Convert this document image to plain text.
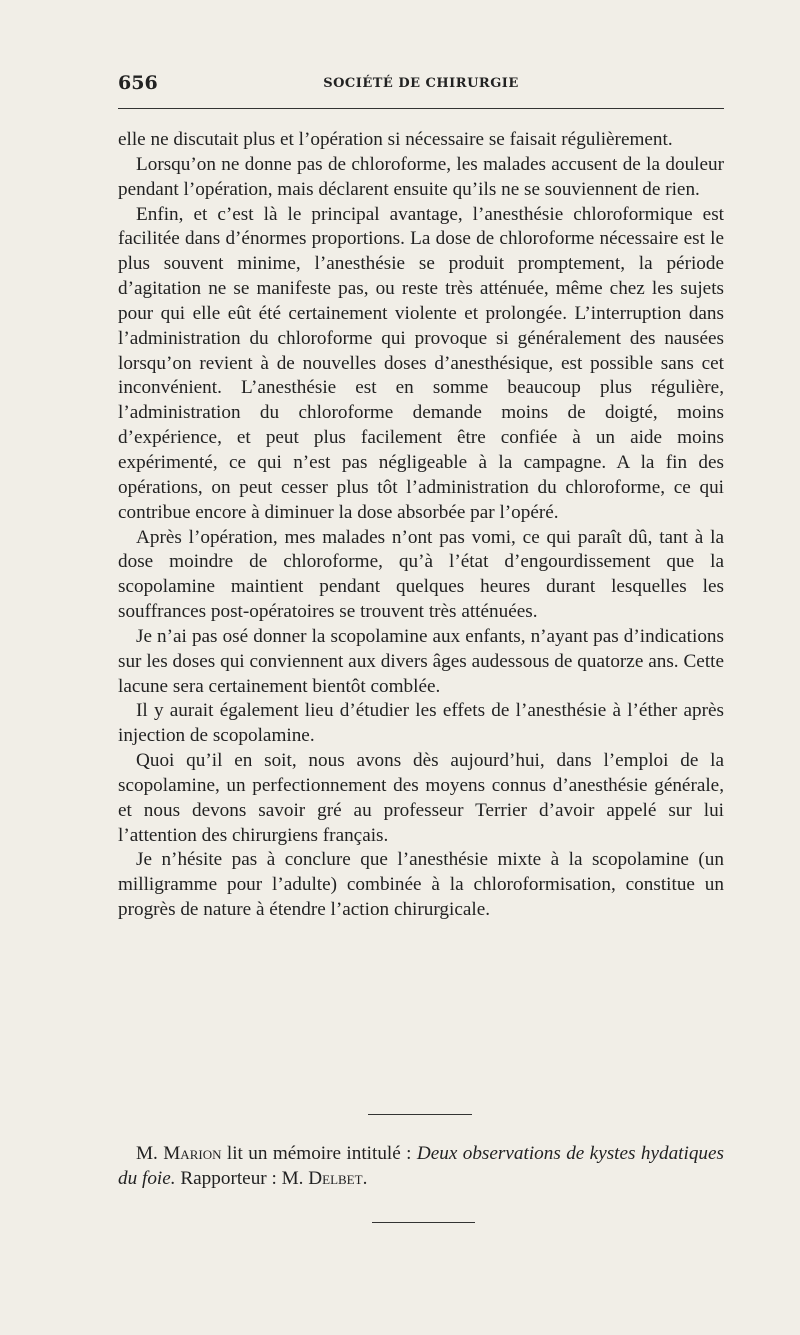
656	SOCIÉTÉ DE CHIRURGIE

elle ne discutait plus et l’opération si nécessaire se faisait régulièrement.

Lorsqu’on ne donne pas de chloroforme, les malades accusent de la douleur pendant l’opération, mais déclarent ensuite qu’ils ne se souviennent de rien.

Enfin, et c’est là le principal avantage, l’anesthésie chloroformique est facilitée dans d’énormes proportions. La dose de chloroforme nécessaire est le plus souvent minime, l’anesthésie se produit promptement, la période d’agitation ne se manifeste pas, ou reste très atténuée, même chez les sujets pour qui elle eût été certainement violente et prolongée. L’interruption dans l’administration du chloroforme qui provoque si généralement des nausées lorsqu’on revient à de nouvelles doses d’anesthésique, est possible sans cet inconvénient. L’anesthésie est en somme beaucoup plus régulière, l’administration du chloroforme demande moins de doigté, moins d’expérience, et peut plus facilement être confiée à un aide moins expérimenté, ce qui n’est pas négligeable à la campagne. A la fin des opérations, on peut cesser plus tôt l’administration du chloroforme, ce qui contribue encore à diminuer la dose absorbée par l’opéré.

Après l’opération, mes malades n’ont pas vomi, ce qui paraît dû, tant à la dose moindre de chloroforme, qu’à l’état d’engourdissement que la scopolamine maintient pendant quelques heures durant lesquelles les souffrances post-opératoires se trouvent très atténuées.

Je n’ai pas osé donner la scopolamine aux enfants, n’ayant pas d’indications sur les doses qui conviennent aux divers âges audessous de quatorze ans. Cette lacune sera certainement bientôt comblée.

Il y aurait également lieu d’étudier les effets de l’anesthésie à l’éther après injection de scopolamine.

Quoi qu’il en soit, nous avons dès aujourd’hui, dans l’emploi de la scopolamine, un perfectionnement des moyens connus d’anesthésie générale, et nous devons savoir gré au professeur Terrier d’avoir appelé sur lui l’attention des chirurgiens français.

Je n’hésite pas à conclure que l’anesthésie mixte à la scopolamine (un milligramme pour l’adulte) combinée à la chloroformisation, constitue un progrès de nature à étendre l’action chirurgicale.

M. Marion lit un mémoire intitulé : Deux observations de kystes hydatiques du foie. Rapporteur : M. Delbet.
